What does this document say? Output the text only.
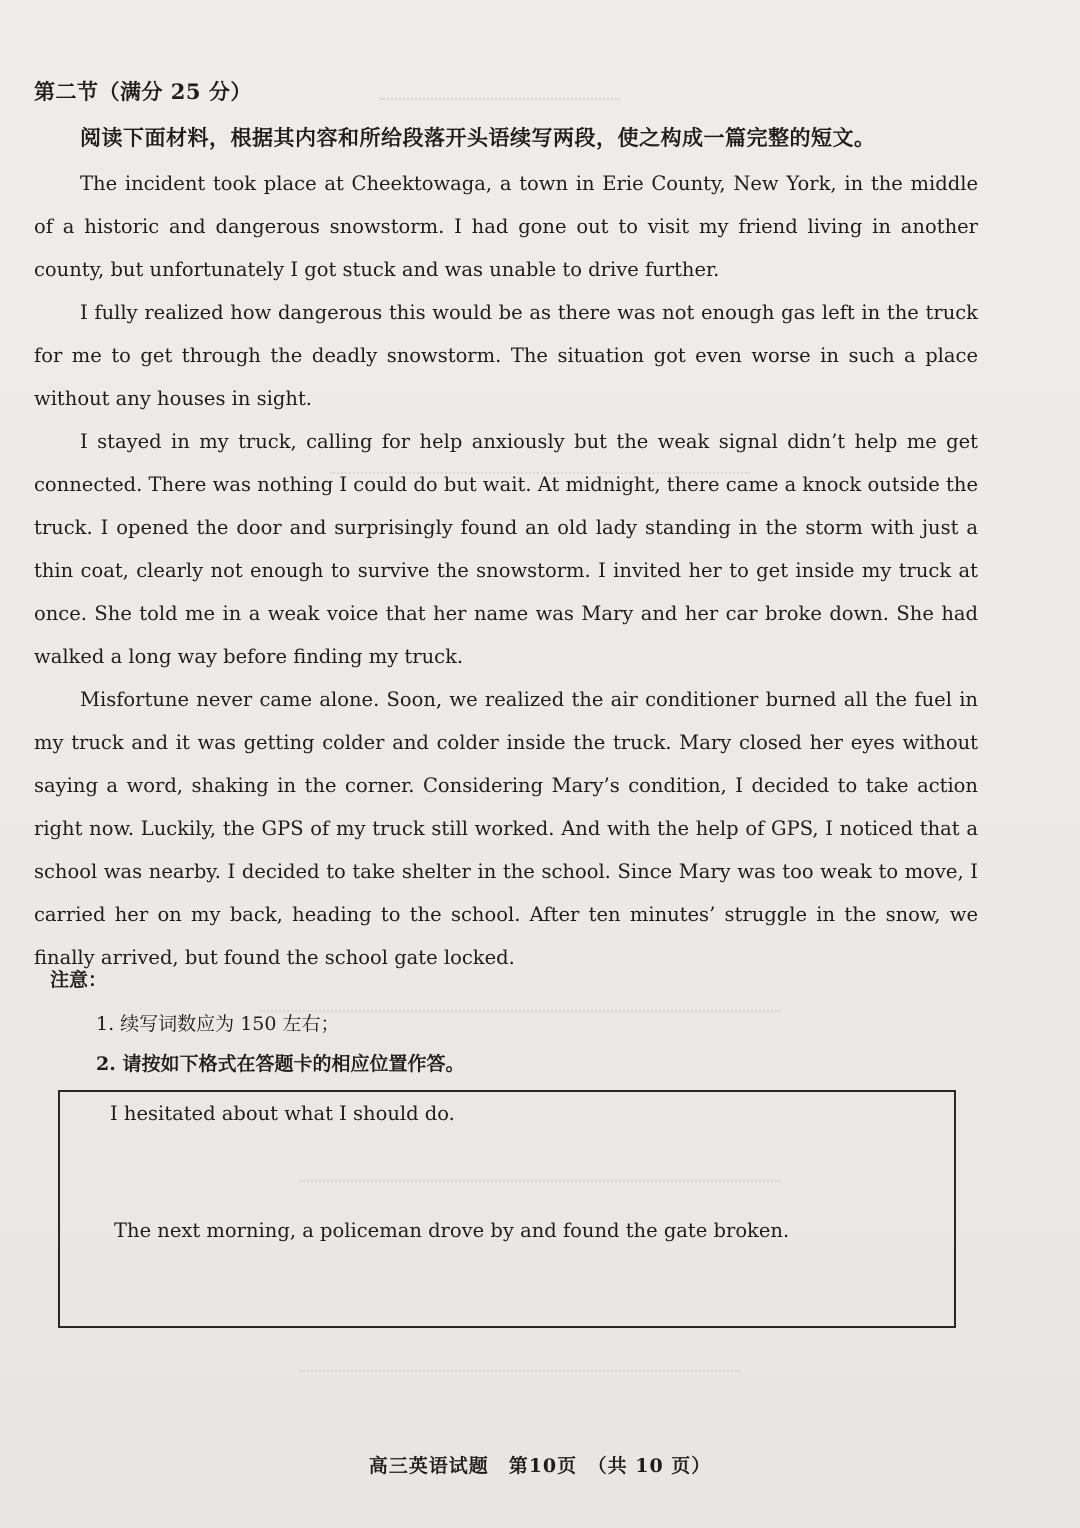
第二节（满分 25 分）
阅读下面材料，根据其内容和所给段落开头语续写两段，使之构成一篇完整的短文。

The incident took place at Cheektowaga, a town in Erie County, New York, in the middle of a historic and dangerous snowstorm. I had gone out to visit my friend living in another county, but unfortunately I got stuck and was unable to drive further.

I fully realized how dangerous this would be as there was not enough gas left in the truck for me to get through the deadly snowstorm. The situation got even worse in such a place without any houses in sight.

I stayed in my truck, calling for help anxiously but the weak signal didn’t help me get connected. There was nothing I could do but wait. At midnight, there came a knock outside the truck. I opened the door and surprisingly found an old lady standing in the storm with just a thin coat, clearly not enough to survive the snowstorm. I invited her to get inside my truck at once. She told me in a weak voice that her name was Mary and her car broke down. She had walked a long way before finding my truck.

Misfortune never came alone. Soon, we realized the air conditioner burned all the fuel in my truck and it was getting colder and colder inside the truck. Mary closed her eyes without saying a word, shaking in the corner. Considering Mary’s condition, I decided to take action right now. Luckily, the GPS of my truck still worked. And with the help of GPS, I noticed that a school was nearby. I decided to take shelter in the school. Since Mary was too weak to move, I carried her on my back, heading to the school. After ten minutes’ struggle in the snow, we finally arrived, but found the school gate locked.

注意：
1. 续写词数应为 150 左右；
2. 请按如下格式在答题卡的相应位置作答。
I hesitated about what I should do.
The next morning, a policeman drove by and found the gate broken.
高三英语试题　第10页　（共 10 页）
